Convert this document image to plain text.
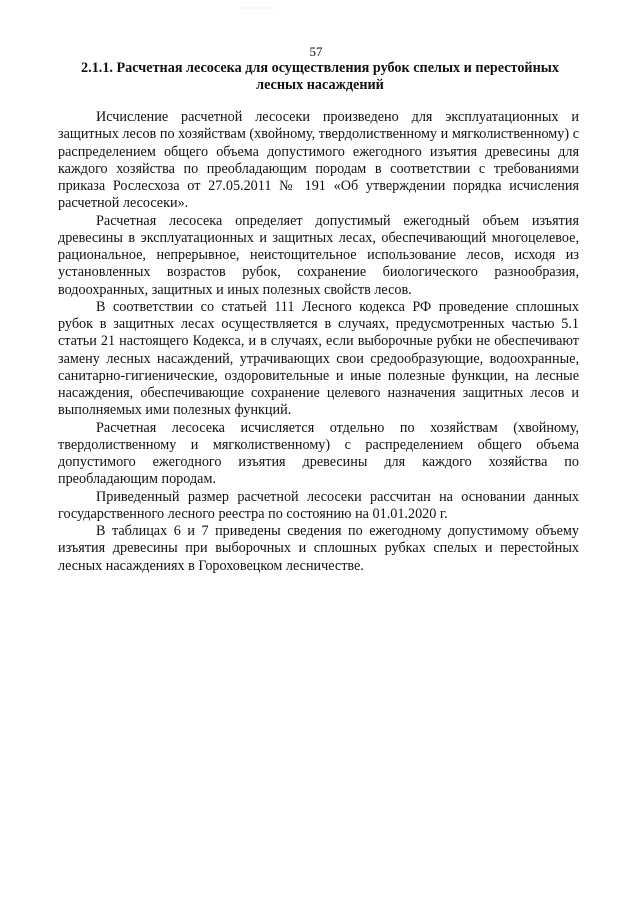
57
2.1.1. Расчетная лесосека для осуществления рубок спелых и перестойных лесных насаждений

Исчисление расчетной лесосеки произведено для эксплуатационных и защитных лесов по хозяйствам (хвойному, твердолиственному и мягколиственному) с распределением общего объема допустимого ежегодного изъятия древесины для каждого хозяйства по преобладающим породам в соответствии с требованиями приказа Рослесхоза от 27.05.2011 № 191 «Об утверждении порядка исчисления расчетной лесосеки».

Расчетная лесосека определяет допустимый ежегодный объем изъятия древесины в эксплуатационных и защитных лесах, обеспечивающий многоцелевое, рациональное, непрерывное, неистощительное использование лесов, исходя из установленных возрастов рубок, сохранение биологического разнообразия, водоохранных, защитных и иных полезных свойств лесов.

В соответствии со статьей 111 Лесного кодекса РФ проведение сплошных рубок в защитных лесах осуществляется в случаях, предусмотренных частью 5.1 статьи 21 настоящего Кодекса, и в случаях, если выборочные рубки не обеспечивают замену лесных насаждений, утрачивающих свои средообразующие, водоохранные, санитарно-гигиенические, оздоровительные и иные полезные функции, на лесные насаждения, обеспечивающие сохранение целевого назначения защитных лесов и выполняемых ими полезных функций.

Расчетная лесосека исчисляется отдельно по хозяйствам (хвойному, твердолиственному и мягколиственному) с распределением общего объема допустимого ежегодного изъятия древесины для каждого хозяйства по преобладающим породам.

Приведенный размер расчетной лесосеки рассчитан на основании данных государственного лесного реестра по состоянию на 01.01.2020 г.

В таблицах 6 и 7 приведены сведения по ежегодному допустимому объему изъятия древесины при выборочных и сплошных рубках спелых и перестойных лесных насаждениях в Гороховецком лесничестве.
